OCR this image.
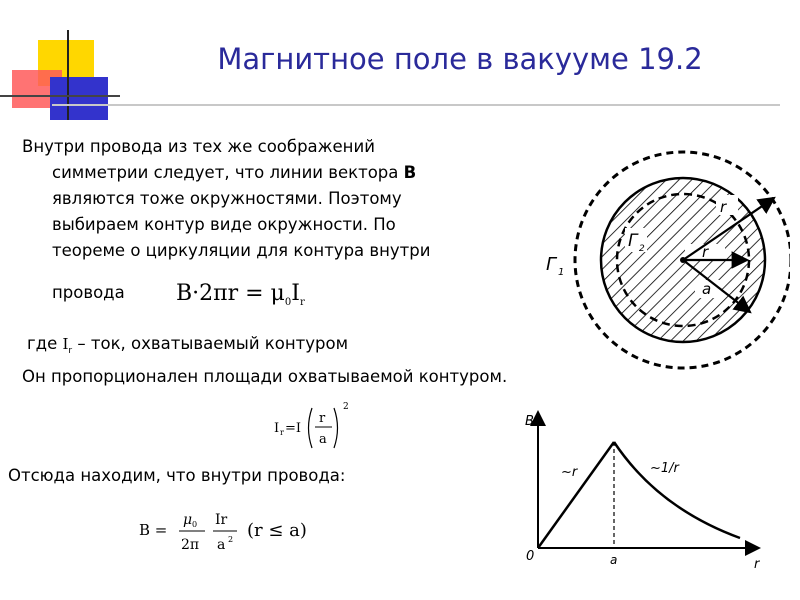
Магнитное поле в вакууме 19.2
Внутри провода из тех же соображений
симметрии следует, что линии вектора B
являются тоже окружностями. Поэтому
выбираем контур виде окружности. По
теореме о циркуляции для контура внутри
провода $B\cdot 2\pi r = \mu_0I_r$
где $I_r$ – ток, охватываемый контуром
Он пропорционален площади охватываемой контуром.
I r =I
r
a
2
Отсюда находим, что внутри провода:
B =
μ 0
2π
Ir
a 2 (r ≤ a)
Γ 1
Γ 2
r
r
a
B
r
0	a
~r	~1/r
